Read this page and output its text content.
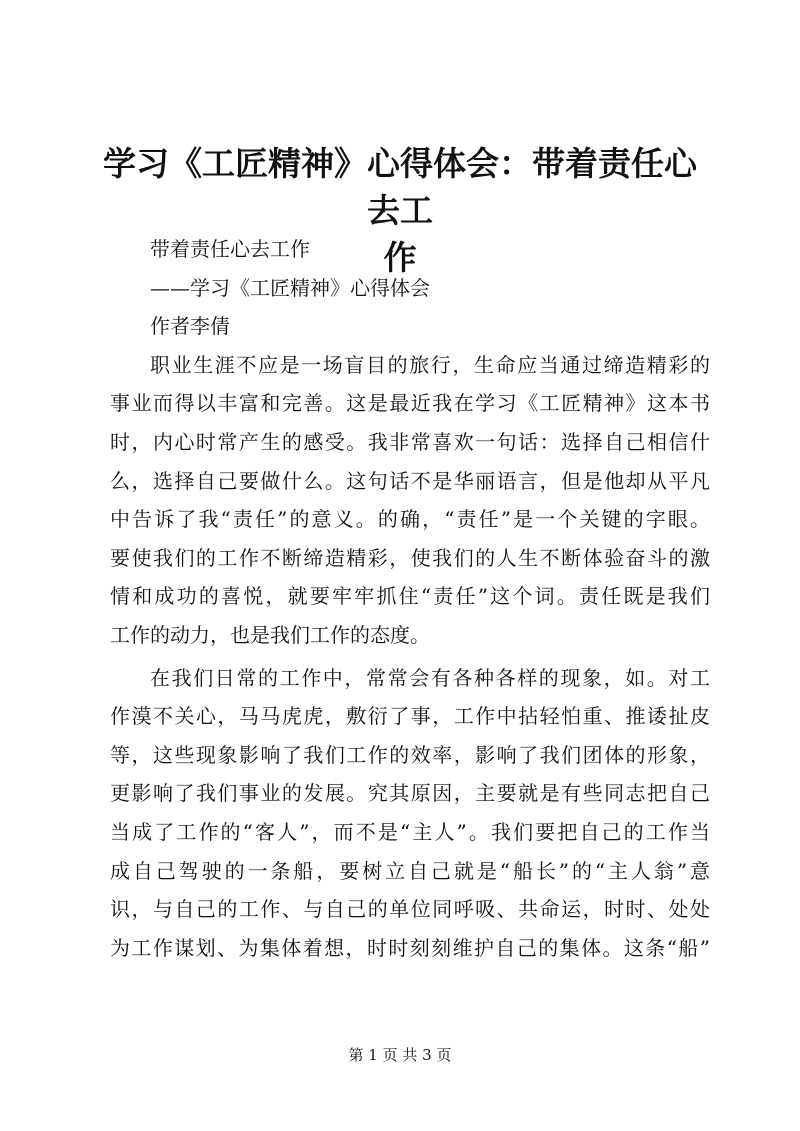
学习《工匠精神》心得体会：带着责任心去工
作
带着责任心去工作
——学习《工匠精神》心得体会
作者李倩
职业生涯不应是一场盲目的旅行，生命应当通过缔造精彩的
事业而得以丰富和完善。这是最近我在学习《工匠精神》这本书
时，内心时常产生的感受。我非常喜欢一句话：选择自己相信什
么，选择自己要做什么。这句话不是华丽语言，但是他却从平凡
中告诉了我“责任”的意义。的确，“责任”是一个关键的字眼。
要使我们的工作不断缔造精彩，使我们的人生不断体验奋斗的激
情和成功的喜悦，就要牢牢抓住“责任”这个词。责任既是我们
工作的动力，也是我们工作的态度。
在我们日常的工作中，常常会有各种各样的现象，如。对工
作漠不关心，马马虎虎，敷衍了事，工作中拈轻怕重、推诿扯皮
等，这些现象影响了我们工作的效率，影响了我们团体的形象，
更影响了我们事业的发展。究其原因，主要就是有些同志把自己
当成了工作的“客人”，而不是“主人”。我们要把自己的工作当
成自己驾驶的一条船，要树立自己就是“船长”的“主人翁”意
识，与自己的工作、与自己的单位同呼吸、共命运，时时、处处
为工作谋划、为集体着想，时时刻刻维护自己的集体。这条“船”
第 1 页 共 3 页
